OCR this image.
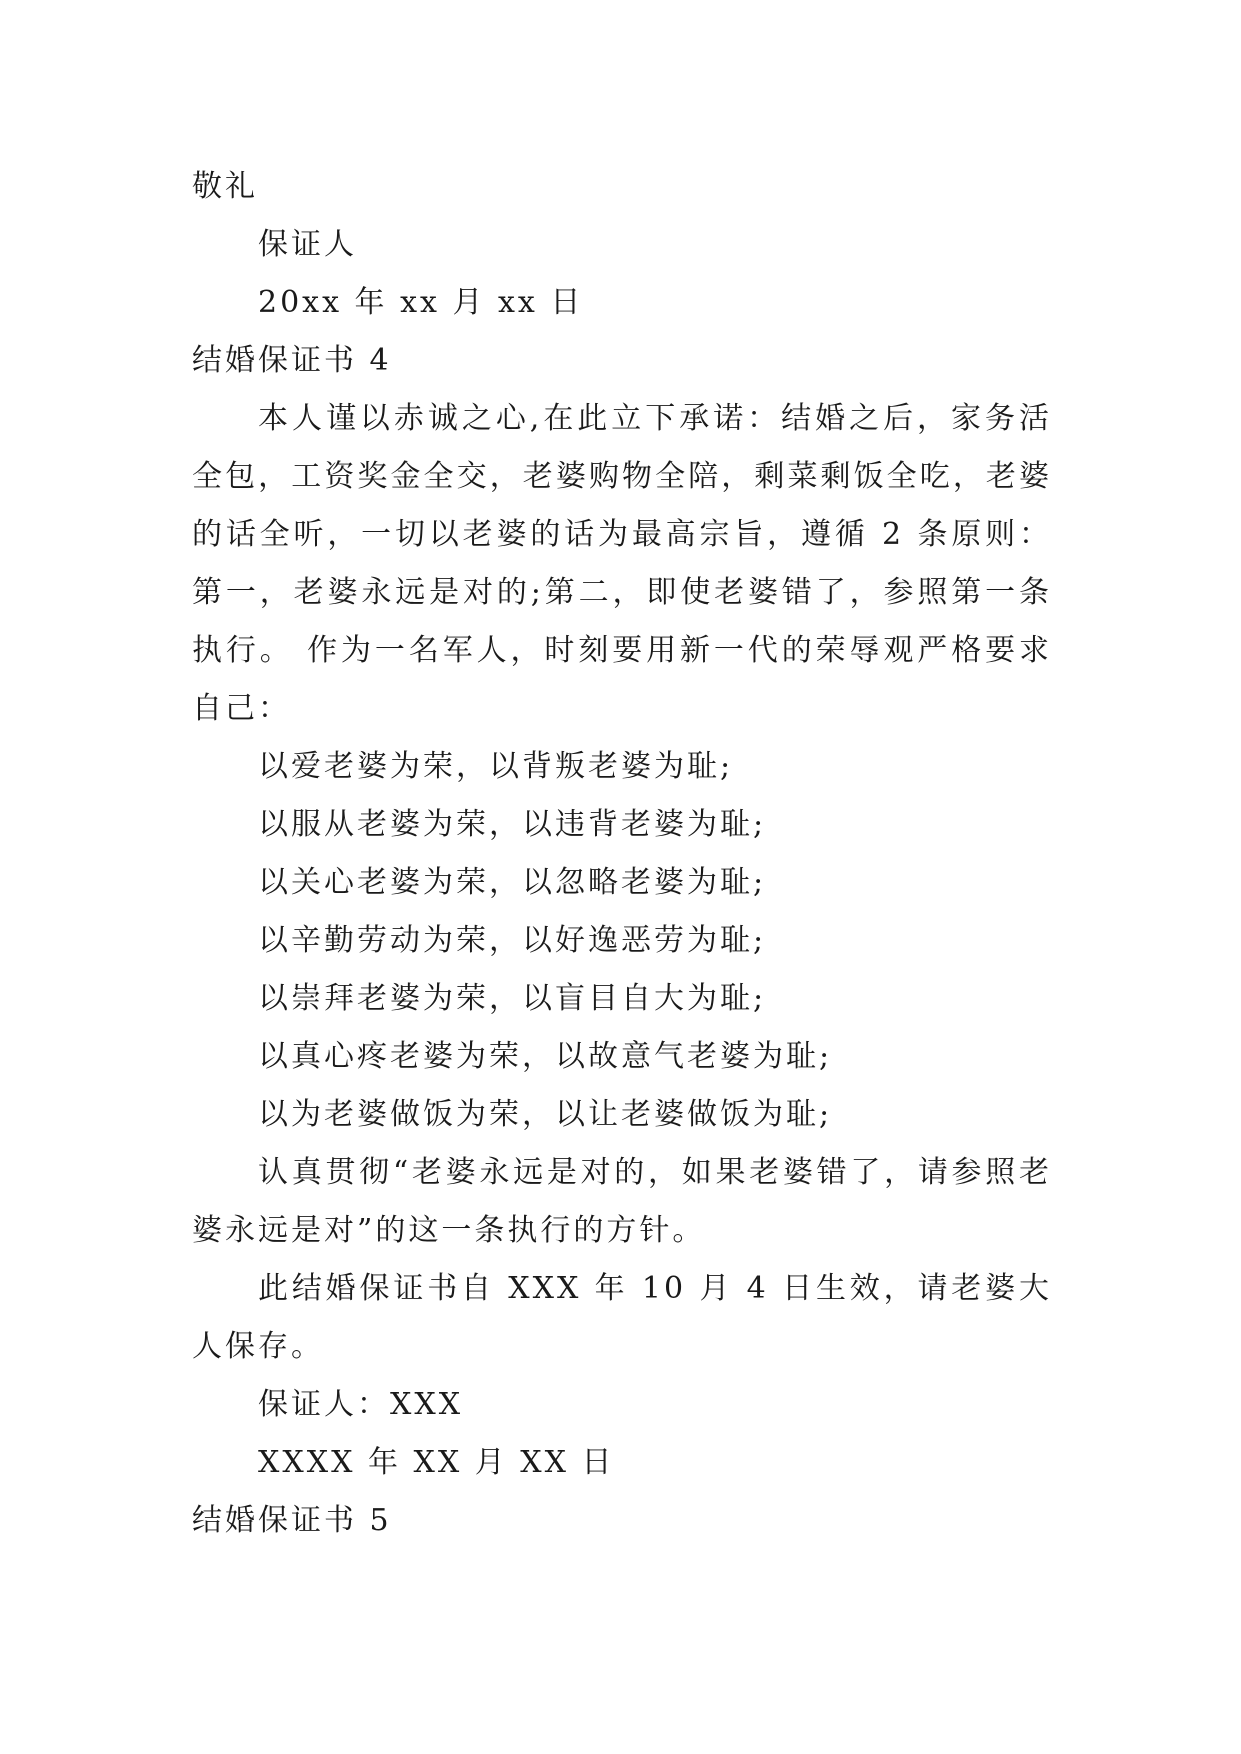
敬礼
保证人
20xx 年 xx 月 xx 日
结婚保证书 4
本人谨以赤诚之心,在此立下承诺：结婚之后，家务活全包，工资奖金全交，老婆购物全陪，剩菜剩饭全吃，老婆的话全听，一切以老婆的话为最高宗旨，遵循 2 条原则：第一，老婆永远是对的;第二，即使老婆错了，参照第一条执行。 作为一名军人，时刻要用新一代的荣辱观严格要求自己：
以爱老婆为荣，以背叛老婆为耻;
以服从老婆为荣，以违背老婆为耻;
以关心老婆为荣，以忽略老婆为耻;
以辛勤劳动为荣，以好逸恶劳为耻;
以崇拜老婆为荣，以盲目自大为耻;
以真心疼老婆为荣，以故意气老婆为耻;
以为老婆做饭为荣，以让老婆做饭为耻;
认真贯彻“老婆永远是对的，如果老婆错了，请参照老婆永远是对”的这一条执行的方针。
此结婚保证书自 XXX 年 10 月 4 日生效，请老婆大人保存。
保证人：XXX
XXXX 年 XX 月 XX 日
结婚保证书 5
